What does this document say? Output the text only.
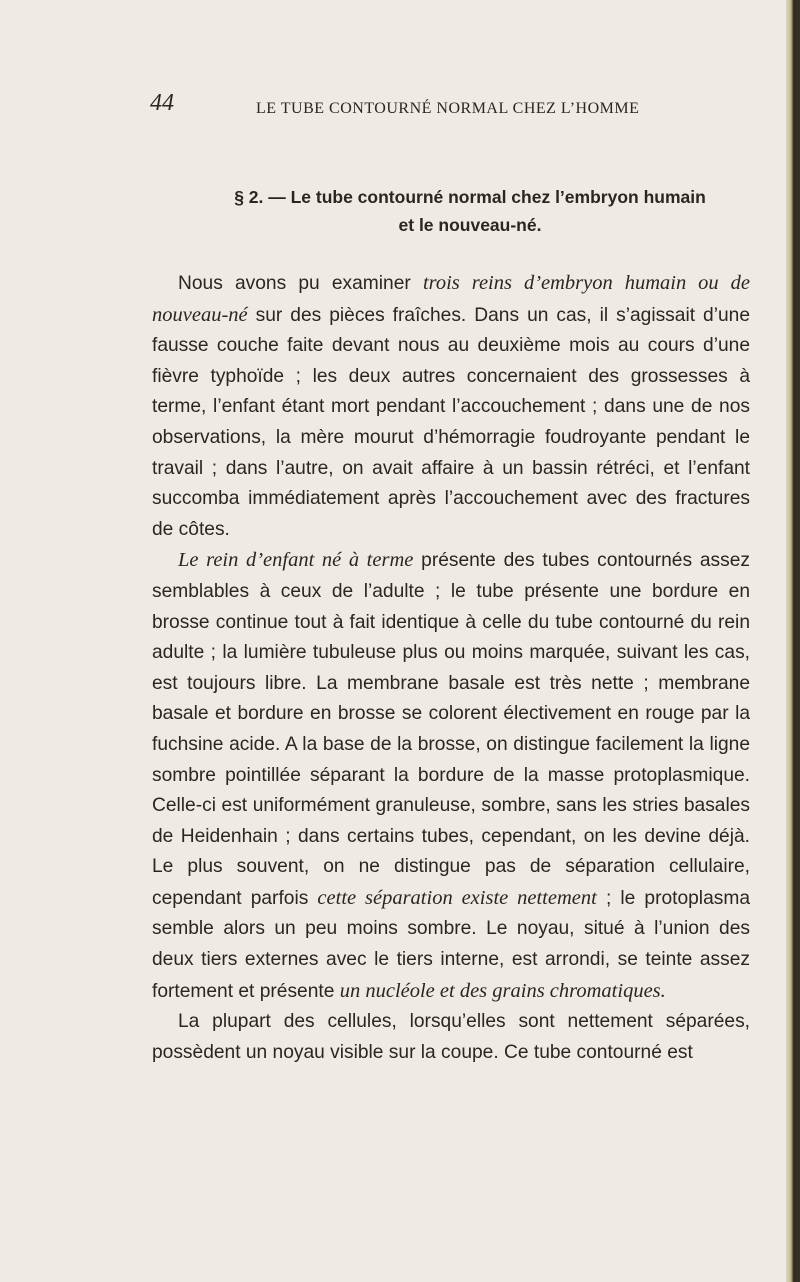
44	LE TUBE CONTOURNÉ NORMAL CHEZ L’HOMME
§ 2. — Le tube contourné normal chez l’embryon humain
et le nouveau-né.

Nous avons pu examiner trois reins d’embryon humain ou de nouveau-né sur des pièces fraîches. Dans un cas, il s’agissait d’une fausse couche faite devant nous au deuxième mois au cours d’une fièvre typhoïde ; les deux autres concernaient des grossesses à terme, l’enfant étant mort pendant l’accouchement ; dans une de nos observations, la mère mourut d’hémorragie foudroyante pendant le travail ; dans l’autre, on avait affaire à un bassin rétréci, et l’enfant succomba immédiatement après l’accouchement avec des fractures de côtes.

Le rein d’enfant né à terme présente des tubes contournés assez semblables à ceux de l’adulte ; le tube présente une bordure en brosse continue tout à fait identique à celle du tube contourné du rein adulte ; la lumière tubuleuse plus ou moins marquée, suivant les cas, est toujours libre. La membrane basale est très nette ; membrane basale et bordure en brosse se colorent électivement en rouge par la fuchsine acide. A la base de la brosse, on distingue facilement la ligne sombre pointillée séparant la bordure de la masse protoplasmique. Celle-ci est uniformément granuleuse, sombre, sans les stries basales de Heidenhain ; dans certains tubes, cependant, on les devine déjà. Le plus souvent, on ne distingue pas de séparation cellulaire, cependant parfois cette séparation existe nettement ; le protoplasma semble alors un peu moins sombre. Le noyau, situé à l’union des deux tiers externes avec le tiers interne, est arrondi, se teinte assez fortement et présente un nucléole et des grains chromatiques.

La plupart des cellules, lorsqu’elles sont nettement séparées, possèdent un noyau visible sur la coupe. Ce tube contourné est
